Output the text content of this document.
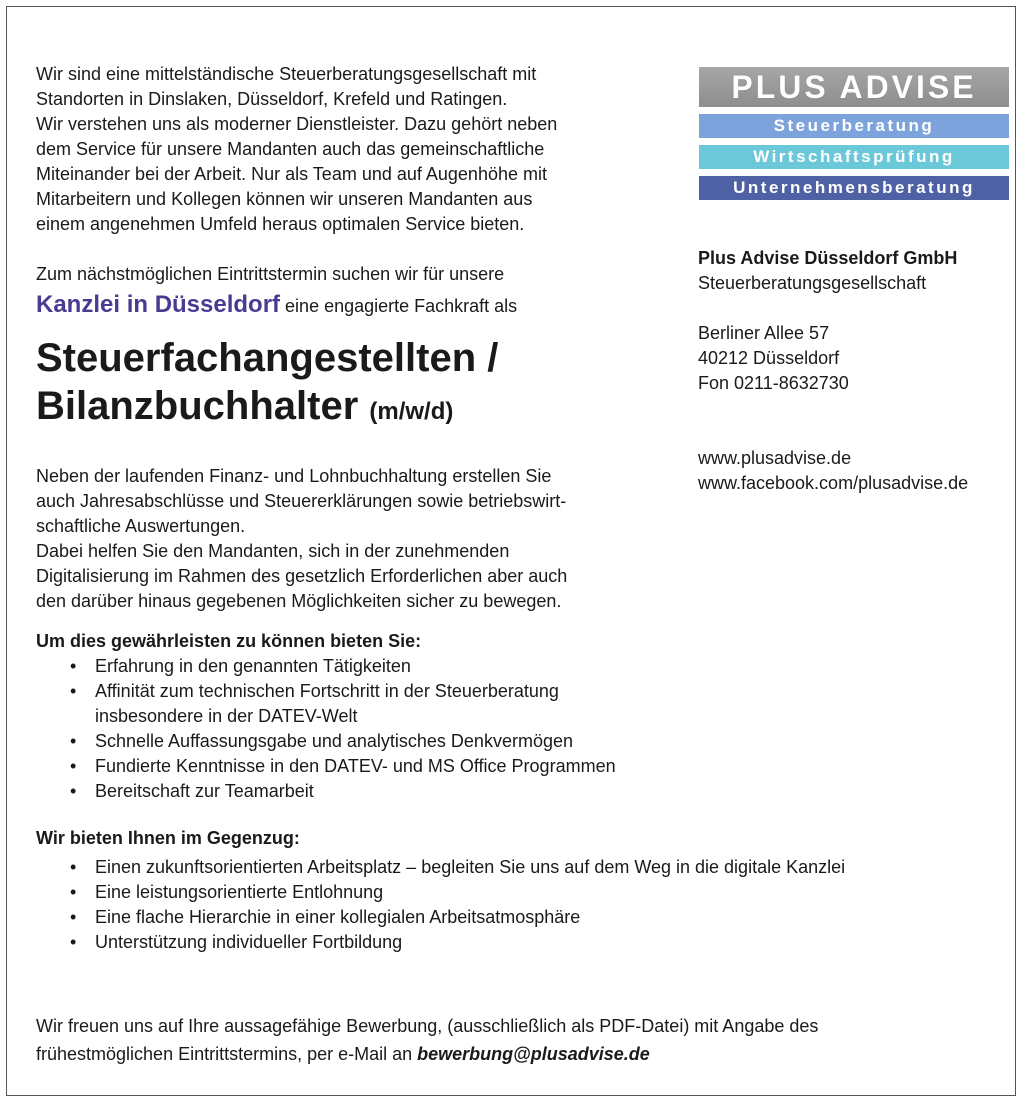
Wir sind eine mittelständische Steuerberatungsgesellschaft mit
Standorten in Dinslaken, Düsseldorf, Krefeld und Ratingen.
Wir verstehen uns als moderner Dienstleister. Dazu gehört neben
dem Service für unsere Mandanten auch das gemeinschaftliche
Miteinander bei der Arbeit. Nur als Team und auf Augenhöhe mit
Mitarbeitern und Kollegen können wir unseren Mandanten aus
einem angenehmen Umfeld heraus optimalen Service bieten.
Zum nächstmöglichen Eintrittstermin suchen wir für unsere
Kanzlei in Düsseldorf eine engagierte Fachkraft als
Steuerfachangestellten /
Bilanzbuchhalter (m/w/d)
Neben der laufenden Finanz- und Lohnbuchhaltung erstellen Sie
auch Jahresabschlüsse und Steuererklärungen sowie betriebswirt-
schaftliche Auswertungen.
Dabei helfen Sie den Mandanten, sich in der zunehmenden
Digitalisierung im Rahmen des gesetzlich Erforderlichen aber auch
den darüber hinaus gegebenen Möglichkeiten sicher zu bewegen.
Um dies gewährleisten zu können bieten Sie:
• Erfahrung in den genannten Tätigkeiten
• Affinität zum technischen Fortschritt in der Steuerberatung
insbesondere in der DATEV-Welt
• Schnelle Auffassungsgabe und analytisches Denkvermögen
• Fundierte Kenntnisse in den DATEV- und MS Office Programmen
• Bereitschaft zur Teamarbeit
Wir bieten Ihnen im Gegenzug:
• Einen zukunftsorientierten Arbeitsplatz – begleiten Sie uns auf dem Weg in die digitale Kanzlei
• Eine leistungsorientierte Entlohnung
• Eine flache Hierarchie in einer kollegialen Arbeitsatmosphäre
• Unterstützung individueller Fortbildung
Wir freuen uns auf Ihre aussagefähige Bewerbung, (ausschließlich als PDF-Datei) mit Angabe des
frühestmöglichen Eintrittstermins, per e-Mail an bewerbung@plusadvise.de
PLUS ADVISE
Steuerberatung
Wirtschaftsprüfung
Unternehmensberatung
Plus Advise Düsseldorf GmbH
Steuerberatungsgesellschaft
Berliner Allee 57
40212 Düsseldorf
Fon 0211-8632730
www.plusadvise.de
www.facebook.com/plusadvise.de
